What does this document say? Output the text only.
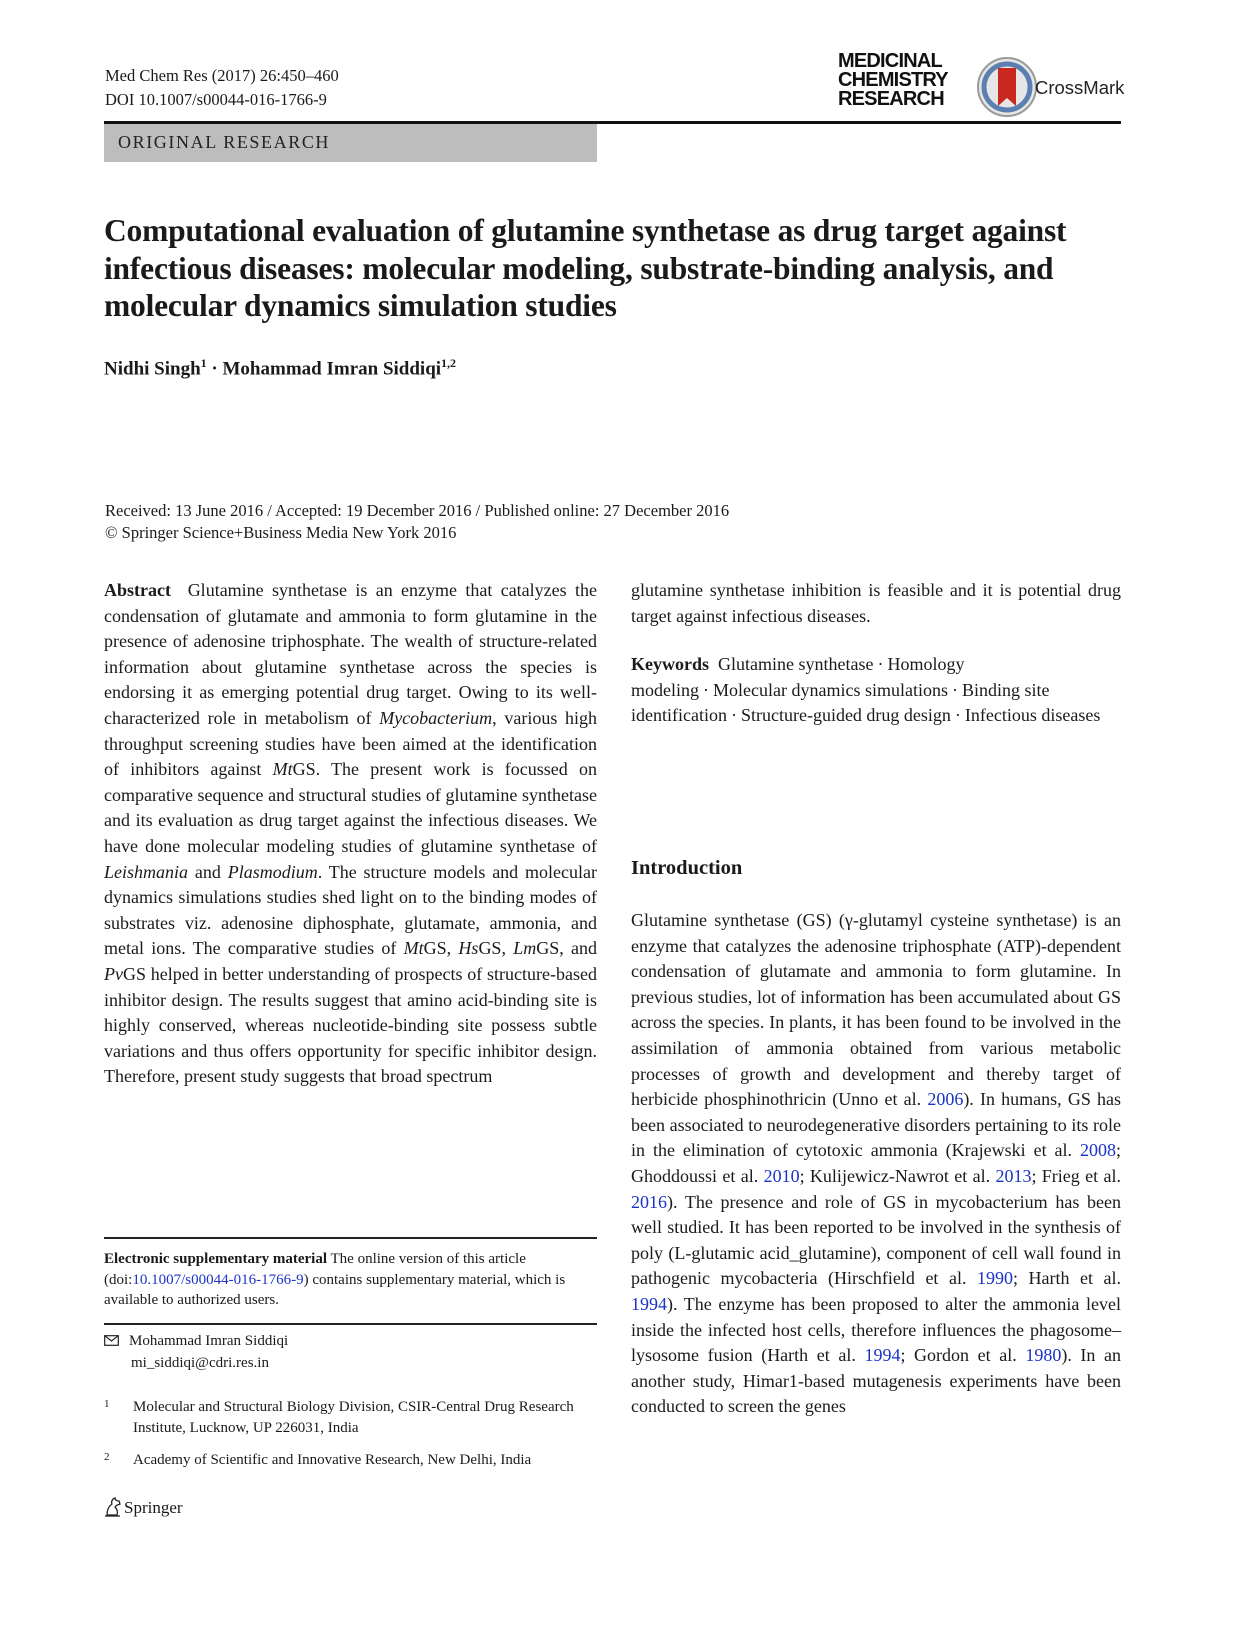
Med Chem Res (2017) 26:450–460
DOI 10.1007/s00044-016-1766-9
MEDICINAL
CHEMISTRY
RESEARCH
CrossMark
ORIGINAL RESEARCH
Computational evaluation of glutamine synthetase as drug target against infectious diseases: molecular modeling, substrate-binding analysis, and molecular dynamics simulation studies
Nidhi Singh$^1$ · Mohammad Imran Siddiqi$^{1,2}$
Received: 13 June 2016 / Accepted: 19 December 2016 / Published online: 27 December 2016
© Springer Science+Business Media New York 2016
Abstract Glutamine synthetase is an enzyme that catalyzes the condensation of glutamate and ammonia to form glutamine in the presence of adenosine triphosphate. The wealth of structure-related information about glutamine synthetase across the species is endorsing it as emerging potential drug target. Owing to its well-characterized role in metabolism of Mycobacterium, various high throughput screening studies have been aimed at the identification of inhibitors against MtGS. The present work is focussed on comparative sequence and structural studies of glutamine synthetase and its evaluation as drug target against the infectious diseases. We have done molecular modeling studies of glutamine synthetase of Leishmania and Plasmodium. The structure models and molecular dynamics simulations studies shed light on to the binding modes of substrates viz. adenosine diphosphate, glutamate, ammonia, and metal ions. The comparative studies of MtGS, HsGS, LmGS, and PvGS helped in better understanding of prospects of structure-based inhibitor design. The results suggest that amino acid-binding site is highly conserved, whereas nucleotide-binding site possess subtle variations and thus offers opportunity for specific inhibitor design. Therefore, present study suggests that broad spectrum
glutamine synthetase inhibition is feasible and it is potential drug target against infectious diseases.
Keywords Glutamine synthetase · Homology modeling · Molecular dynamics simulations · Binding site identification · Structure-guided drug design · Infectious diseases
Introduction
Glutamine synthetase (GS) (γ-glutamyl cysteine synthetase) is an enzyme that catalyzes the adenosine triphosphate (ATP)-dependent condensation of glutamate and ammonia to form glutamine. In previous studies, lot of information has been accumulated about GS across the species. In plants, it has been found to be involved in the assimilation of ammonia obtained from various metabolic processes of growth and development and thereby target of herbicide phosphinothricin (Unno et al. 2006). In humans, GS has been associated to neurodegenerative disorders pertaining to its role in the elimination of cytotoxic ammonia (Krajewski et al. 2008; Ghoddoussi et al. 2010; Kulijewicz-Nawrot et al. 2013; Frieg et al. 2016). The presence and role of GS in mycobacterium has been well studied. It has been reported to be involved in the synthesis of poly (L-glutamic acid_glutamine), component of cell wall found in pathogenic mycobacteria (Hirschfield et al. 1990; Harth et al. 1994). The enzyme has been proposed to alter the ammonia level inside the infected host cells, therefore influences the phagosome–lysosome fusion (Harth et al. 1994; Gordon et al. 1980). In an another study, Himar1-based mutagenesis experiments have been conducted to screen the genes
Electronic supplementary material The online version of this article (doi:10.1007/s00044-016-1766-9) contains supplementary material, which is available to authorized users.
Mohammad Imran Siddiqi
mi_siddiqi@cdri.res.in
1	Molecular and Structural Biology Division, CSIR-Central Drug Research Institute, Lucknow, UP 226031, India
2	Academy of Scientific and Innovative Research, New Delhi, India
Springer
